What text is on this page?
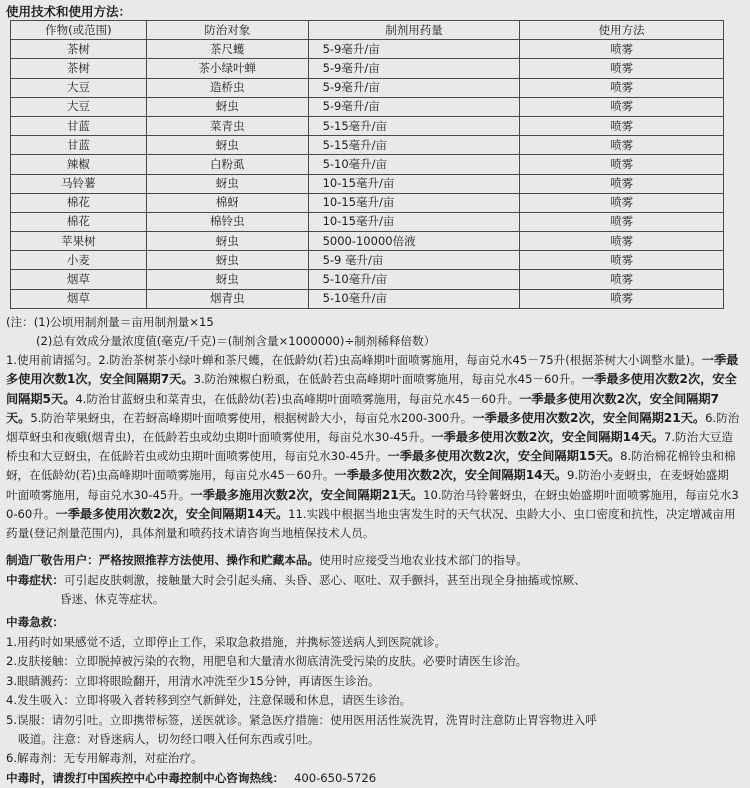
使用技术和使用方法：
作物(或范围)	防治对象	制剂用药量	使用方法
茶树	茶尺蠖	5-9毫升/亩	喷雾
茶树	茶小绿叶蝉	5-9毫升/亩	喷雾
大豆	造桥虫	5-9毫升/亩	喷雾
大豆	蚜虫	5-9毫升/亩	喷雾
甘蓝	菜青虫	5-15毫升/亩	喷雾
甘蓝	蚜虫	5-15毫升/亩	喷雾
辣椒	白粉虱	5-10毫升/亩	喷雾
马铃薯	蚜虫	10-15毫升/亩	喷雾
棉花	棉蚜	10-15毫升/亩	喷雾
棉花	棉铃虫	10-15毫升/亩	喷雾
苹果树	蚜虫	5000-10000倍液	喷雾
小麦	蚜虫	5-9 毫升/亩	喷雾
烟草	蚜虫	5-10毫升/亩	喷雾
烟草	烟青虫	5-10毫升/亩	喷雾
(注：(1)公顷用制剂量＝亩用制剂量×15
(2)总有效成分量浓度值(毫克/千克)＝(制剂含量×1000000)÷制剂稀释倍数）
1.使用前请摇匀。2.防治茶树茶小绿叶蝉和茶尺蠖，在低龄幼(若)虫高峰期叶面喷雾施用，每亩兑水45－75升(根据茶树大小调整水量)。一季最多使用次数1次，安全间隔期7天。3.防治辣椒白粉虱，在低龄若虫高峰期叶面喷雾施用，每亩兑水45－60升。一季最多使用次数2次，安全间隔期5天。4.防治甘蓝蚜虫和菜青虫，在低龄幼(若)虫高峰期叶面喷雾施用，每亩兑水45－60升。一季最多使用次数2次，安全间隔期7天。5.防治苹果蚜虫，在若蚜高峰期叶面喷雾使用，根据树龄大小，每亩兑水200-300升。一季最多使用次数2次，安全间隔期21天。6.防治烟草蚜虫和夜蛾(烟青虫)，在低龄若虫或幼虫期叶面喷雾使用，每亩兑水30-45升。一季最多使用次数2次，安全间隔期14天。7.防治大豆造桥虫和大豆蚜虫，在低龄若虫或幼虫期叶面喷雾使用，每亩兑水30-45升。一季最多使用次数2次，安全间隔期15天。8.防治棉花棉铃虫和棉蚜，在低龄幼(若)虫高峰期叶面喷雾施用，每亩兑水45－60升。一季最多使用次数2次，安全间隔期14天。9.防治小麦蚜虫，在麦蚜始盛期叶面喷雾施用，每亩兑水30-45升。一季最多施用次数2次，安全间隔期21天。10.防治马铃薯蚜虫，在蚜虫始盛期叶面喷雾施用，每亩兑水30-60升。一季最多使用次数2次，安全间隔期14天。11.实践中根据当地虫害发生时的天气状况、虫龄大小、虫口密度和抗性，决定增减亩用药量(登记剂量范围内)，具体剂量和喷药技术请咨询当地植保技术人员。
制造厂敬告用户：严格按照推荐方法使用、操作和贮藏本品。使用时应接受当地农业技术部门的指导。
中毒症状：可引起皮肤刺激，接触量大时会引起头痛、头昏、恶心、呕吐、双手颤抖，甚至出现全身抽搐或惊厥、
昏迷、休克等症状。
中毒急救：
1.用药时如果感觉不适，立即停止工作，采取急救措施，并携标签送病人到医院就诊。
2.皮肤接触：立即脱掉被污染的衣物，用肥皂和大量清水彻底清洗受污染的皮肤。必要时请医生诊治。
3.眼睛溅药：立即将眼睑翻开，用清水冲洗至少15分钟，再请医生诊治。
4.发生吸入：立即将吸入者转移到空气新鲜处，注意保暖和休息，请医生诊治。
5.误服：请勿引吐。立即携带标签，送医就诊。紧急医疗措施：使用医用活性炭洗胃，洗胃时注意防止胃容物进入呼
吸道。注意：对昏迷病人，切勿经口喂入任何东西或引吐。
6.解毒剂：无专用解毒剂，对症治疗。
中毒时，请拨打中国疾控中心中毒控制中心咨询热线： 400-650-5726
